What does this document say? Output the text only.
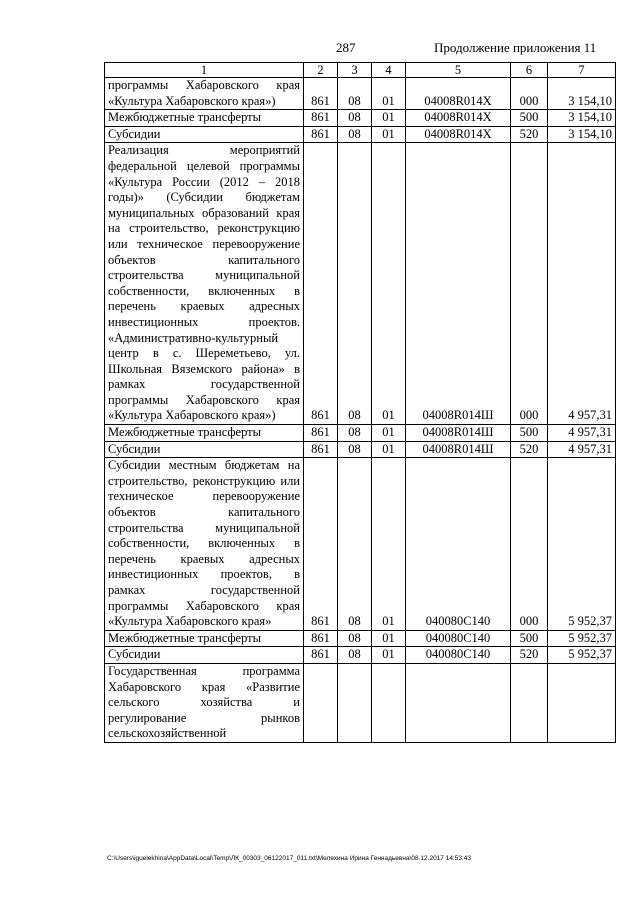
287	Продолжение приложения 11
1	2	3	4	5	6	7
программы Хабаровского края «Культура Хабаровского края»)	861	08	01	04008R014X	000	3 154,10
Межбюджетные трансферты	861	08	01	04008R014X	500	3 154,10
Субсидии	861	08	01	04008R014X	520	3 154,10
Реализация мероприятий федеральной целевой программы «Культура России (2012 – 2018 годы)» (Субсидии бюджетам муниципальных образований края на строительство, реконструкцию или техническое перевооружение объектов капитального строительства муниципальной собственности, включенных в перечень краевых адресных инвестиционных проектов. «Административно-культурный центр в с. Шереметьево, ул. Школьная Вяземского района» в рамках государственной программы Хабаровского края «Культура Хабаровского края»)	861	08	01	04008R014Ш	000	4 957,31
Межбюджетные трансферты	861	08	01	04008R014Ш	500	4 957,31
Субсидии	861	08	01	04008R014Ш	520	4 957,31
Субсидии местным бюджетам на строительство, реконструкцию или техническое перевооружение объектов капитального строительства муниципальной собственности, включенных в перечень краевых адресных инвестиционных проектов, в рамках государственной программы Хабаровского края «Культура Хабаровского края»	861	08	01	040080С140	000	5 952,37
Межбюджетные трансферты	861	08	01	040080С140	500	5 952,37
Субсидии	861	08	01	040080С140	520	5 952,37
Государственная программа Хабаровского края «Развитие сельского хозяйства и регулирование рынков сельскохозяйственной						
C:\Users\iguelekhina\AppData\Local\Temp\ЛК_00303_06122017_011.txt\Мелехина Ирина Геннадьевна\08.12.2017 14:53:43
